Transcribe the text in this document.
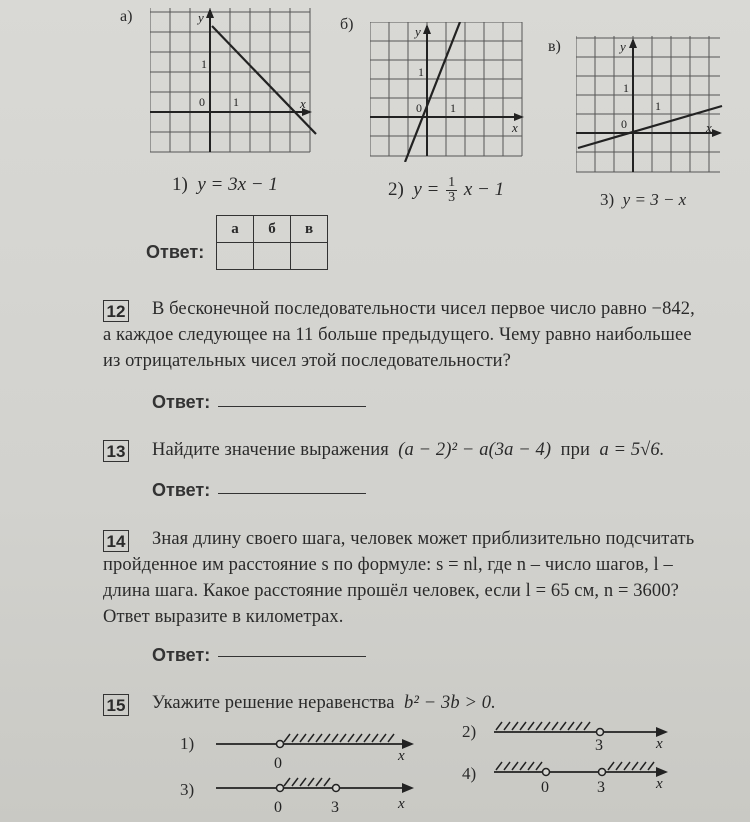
а)	б)
в)
y
x
0 1
1
y
x
0 1
1
y
x
0
1
1
1) y = 3x − 1	2) $y = \frac{1}{3}$ x − 1	3) y = 3 − x
Ответ:
а	б	в

12 В бесконечной последовательности чисел первое число равно −842,
а каждое следующее на 11 больше предыдущего. Чему равно наибольшее
из отрицательных чисел этой последовательности?
Ответ:
13 Найдите значение выражения (a − 2)² − a(3a − 4) при a = 5√6.
Ответ:
14 Зная длину своего шага, человек может приблизительно подсчитать
пройденное им расстояние s по формуле: s = nl, где n – число шагов, l –
длина шага. Какое расстояние прошёл человек, если l = 65 см, n = 3600?
Ответ выразите в километрах.
Ответ:
15 Укажите решение неравенства b² − 3b > 0.
1)
0	x
2)
3	x
3)
0	3	x
4)
0	3	x
